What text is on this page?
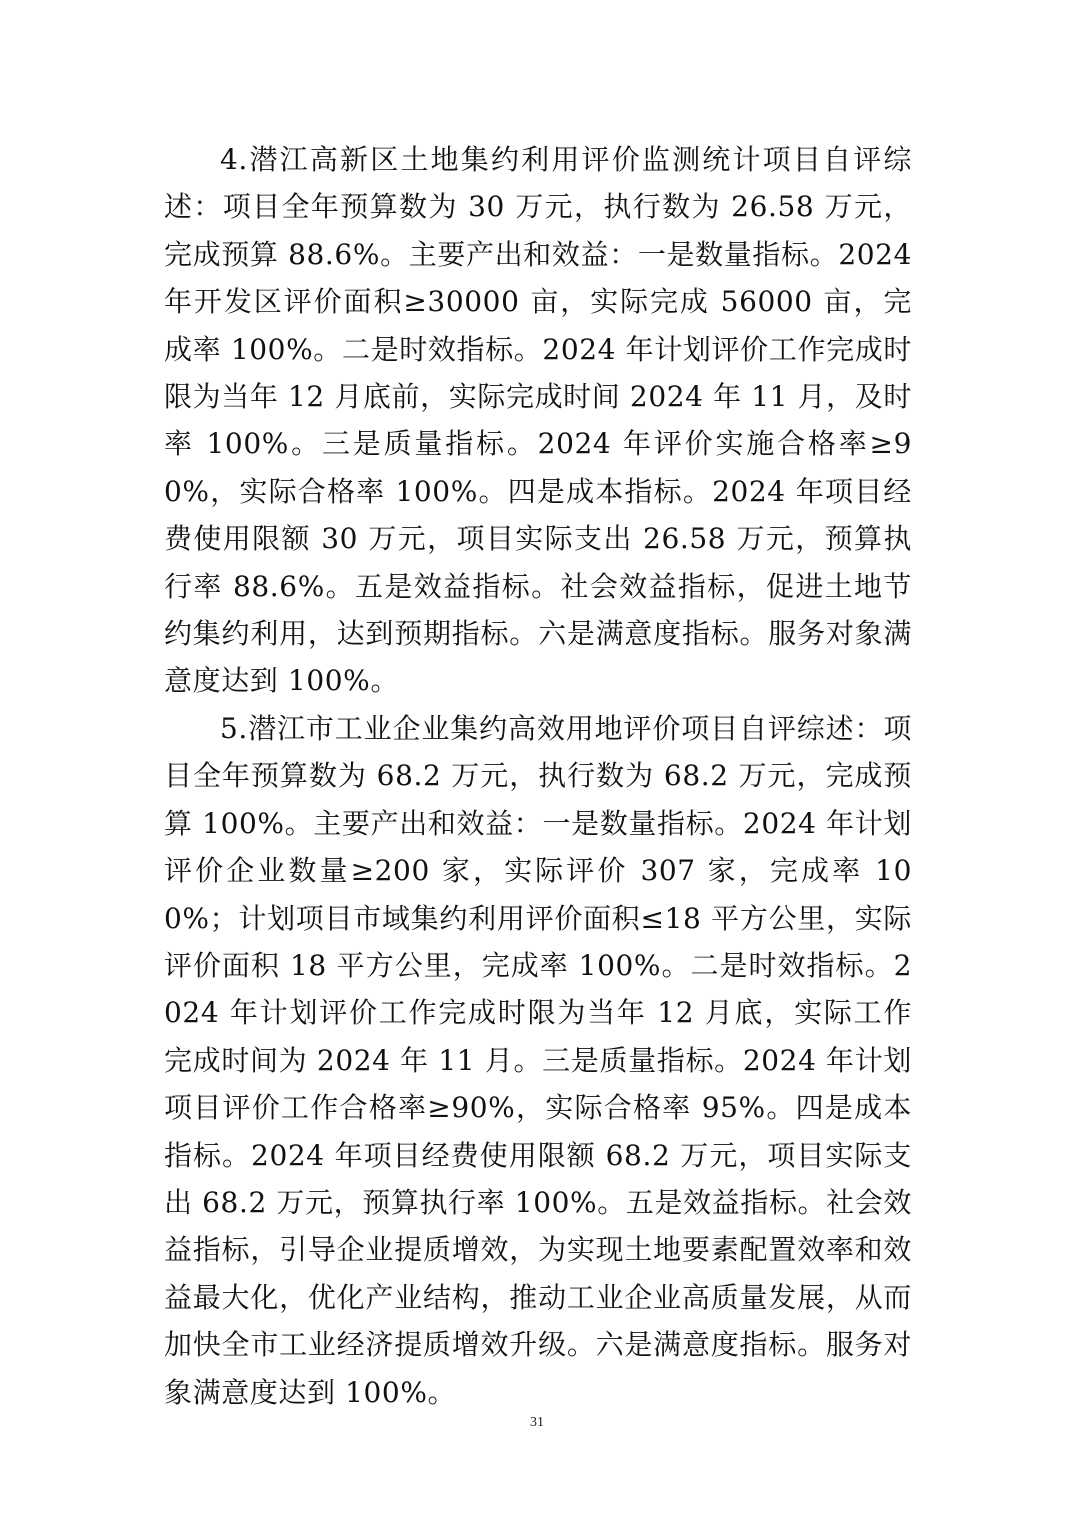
4.潜江高新区土地集约利用评价监测统计项目自评综述：项目全年预算数为 30 万元，执行数为 26.58 万元，完成预算 88.6%。主要产出和效益：一是数量指标。2024 年开发区评价面积≥30000 亩，实际完成 56000 亩，完成率 100%。二是时效指标。2024 年计划评价工作完成时限为当年 12 月底前，实际完成时间 2024 年 11 月，及时率 100%。三是质量指标。2024 年评价实施合格率≥90%，实际合格率 100%。四是成本指标。2024 年项目经费使用限额 30 万元，项目实际支出 26.58 万元，预算执行率 88.6%。五是效益指标。社会效益指标，促进土地节约集约利用，达到预期指标。六是满意度指标。服务对象满意度达到 100%。

5.潜江市工业企业集约高效用地评价项目自评综述：项目全年预算数为 68.2 万元，执行数为 68.2 万元，完成预算 100%。主要产出和效益：一是数量指标。2024 年计划评价企业数量≥200 家，实际评价 307 家，完成率 100%；计划项目市域集约利用评价面积≤18 平方公里，实际评价面积 18 平方公里，完成率 100%。二是时效指标。2024 年计划评价工作完成时限为当年 12 月底，实际工作完成时间为 2024 年 11 月。三是质量指标。2024 年计划项目评价工作合格率≥90%，实际合格率 95%。四是成本指标。2024 年项目经费使用限额 68.2 万元，项目实际支出 68.2 万元，预算执行率 100%。五是效益指标。社会效益指标，引导企业提质增效，为实现土地要素配置效率和效益最大化，优化产业结构，推动工业企业高质量发展，从而加快全市工业经济提质增效升级。六是满意度指标。服务对象满意度达到 100%。

31
